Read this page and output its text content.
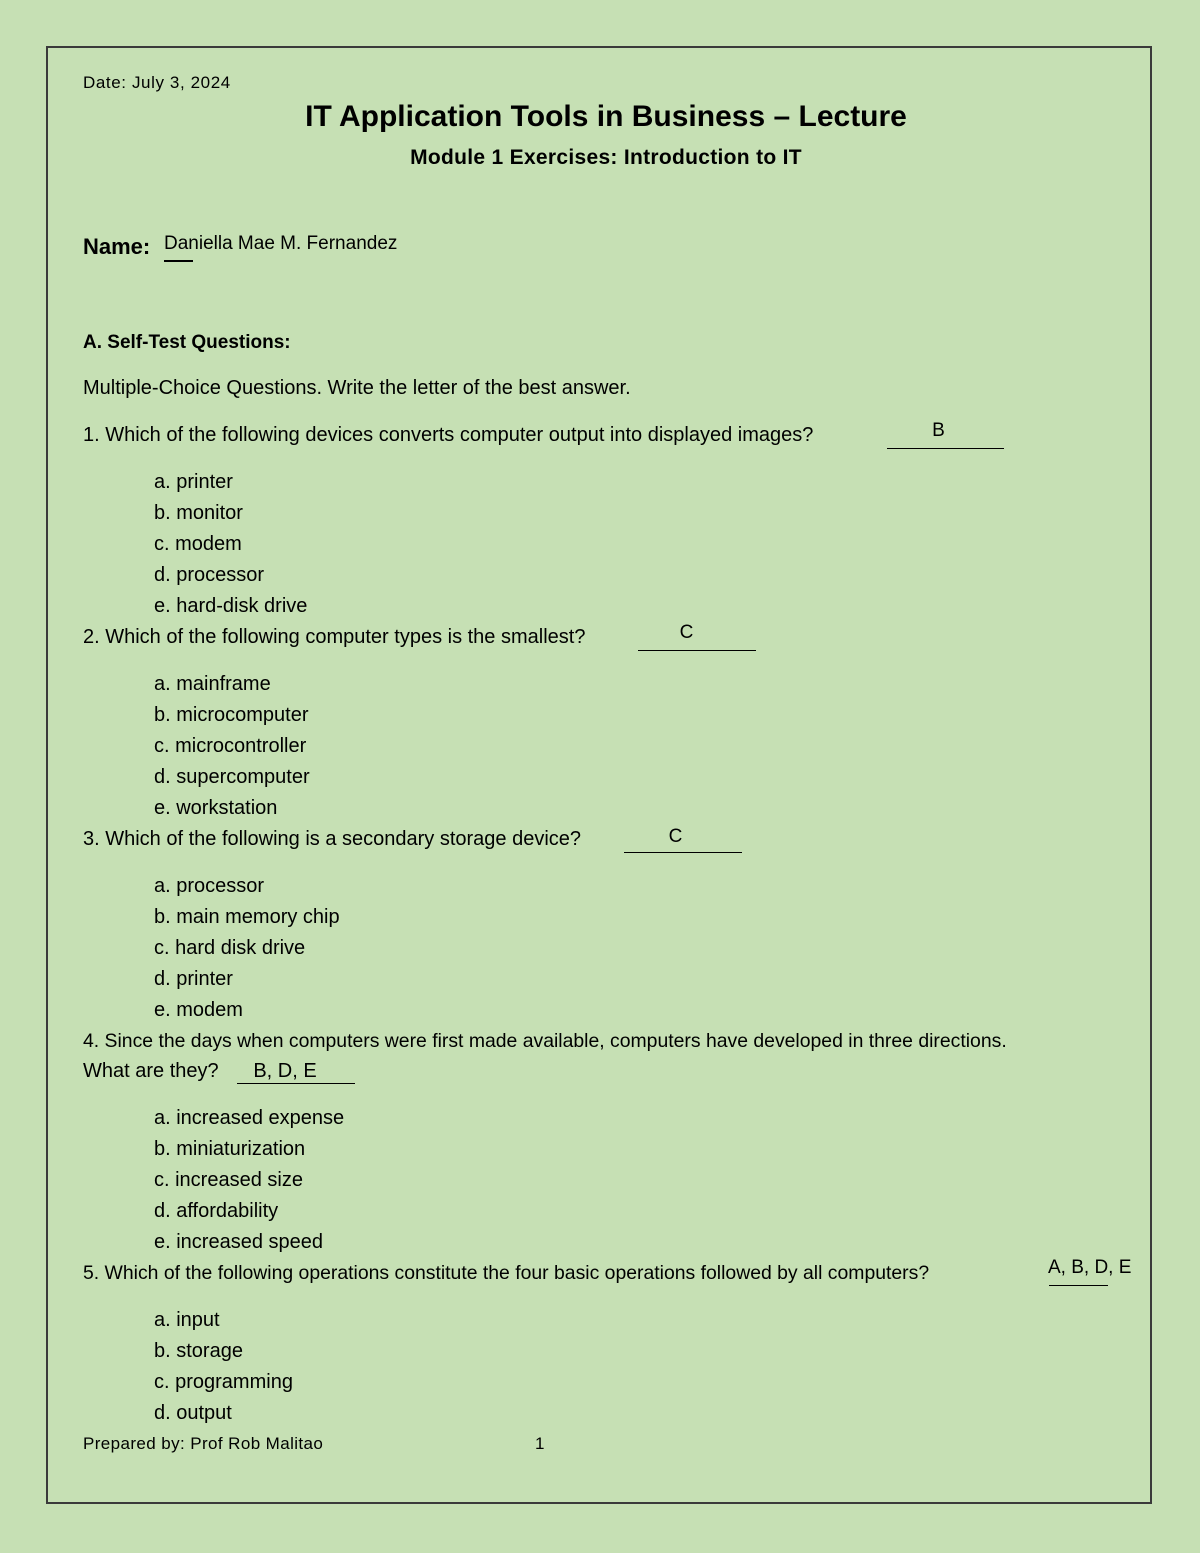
Date: July 3, 2024
IT Application Tools in Business – Lecture
Module 1 Exercises: Introduction to IT
Name: Daniella Mae M. Fernandez
A. Self-Test Questions:
Multiple-Choice Questions. Write the letter of the best answer.
1. Which of the following devices converts computer output into displayed images?	B
a. printer
b. monitor
c. modem
d. processor
e. hard-disk drive
2. Which of the following computer types is the smallest?	C
a. mainframe
b. microcomputer
c. microcontroller
d. supercomputer
e. workstation
3. Which of the following is a secondary storage device?	C
a. processor
b. main memory chip
c. hard disk drive
d. printer
e. modem
4. Since the days when computers were first made available, computers have developed in three directions.
What are they?	B, D, E
a. increased expense
b. miniaturization
c. increased size
d. affordability
e. increased speed
5. Which of the following operations constitute the four basic operations followed by all computers?	A, B, D, E
a. input
b. storage
c. programming
d. output
Prepared by: Prof Rob Malitao	1
